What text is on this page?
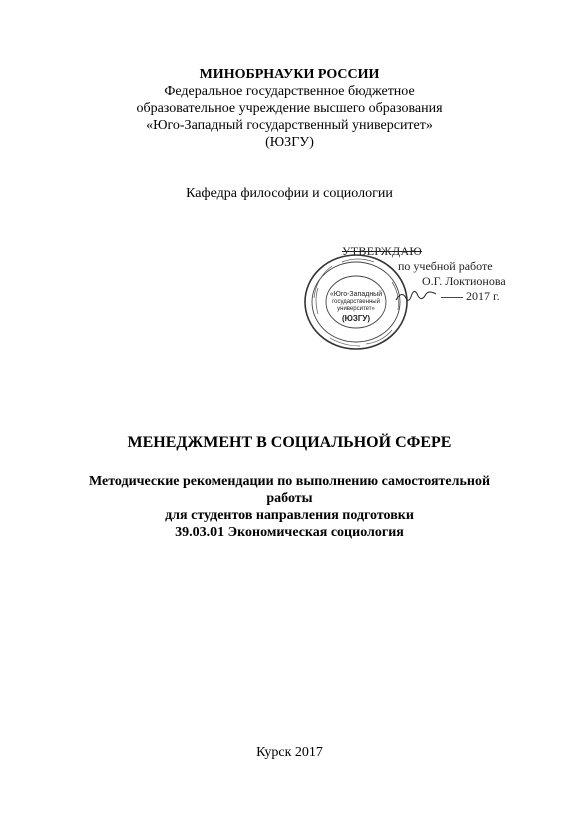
МИНОБРНАУКИ РОССИИ
Федеральное государственное бюджетное
образовательное учреждение высшего образования
«Юго-Западный государственный университет»
(ЮЗГУ)
Кафедра философии и социологии
«Юго-Западный
государственный
университет»
(ЮЗГУ)
УТВЕРЖДАЮ
по учебной работе
О.Г. Локтионова
2017 г.
МЕНЕДЖМЕНТ В СОЦИАЛЬНОЙ СФЕРЕ
Методические рекомендации по выполнению самостоятельной
работы
для студентов направления подготовки
39.03.01 Экономическая социология
Курск 2017
